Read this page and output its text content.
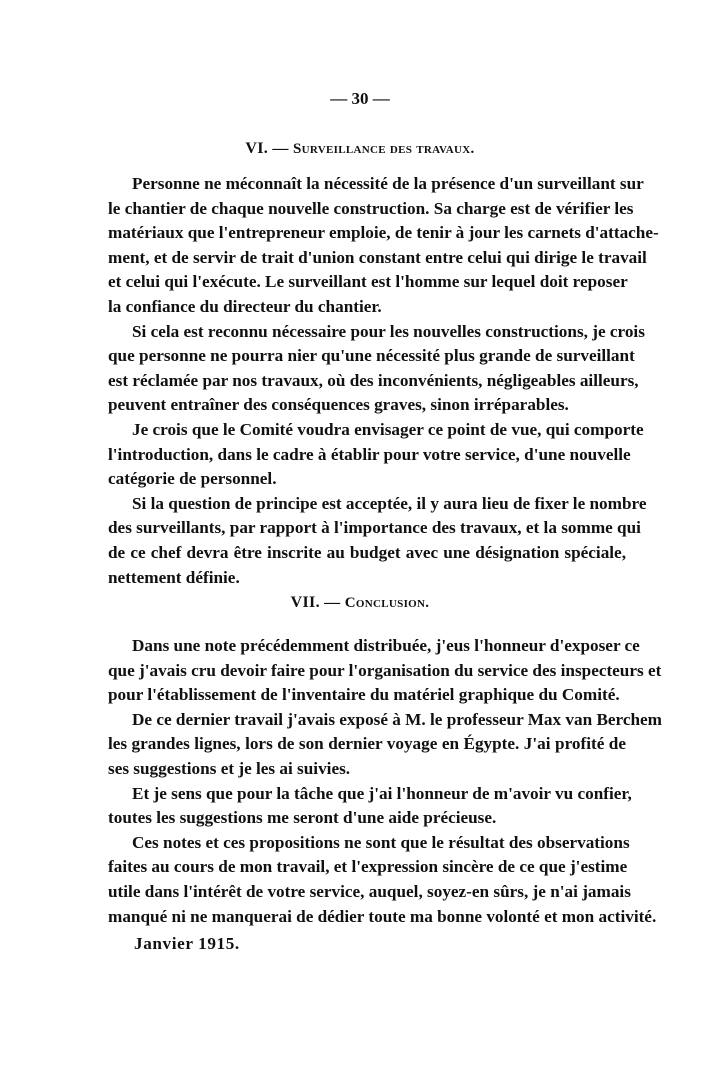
— 30 —
VI. — Surveillance des travaux.
Personne ne méconnaît la nécessité de la présence d'un surveillant sur
le chantier de chaque nouvelle construction. Sa charge est de vérifier les
matériaux que l'entrepreneur emploie, de tenir à jour les carnets d'attache-
ment, et de servir de trait d'union constant entre celui qui dirige le travail
et celui qui l'exécute. Le surveillant est l'homme sur lequel doit reposer
la confiance du directeur du chantier.
Si cela est reconnu nécessaire pour les nouvelles constructions, je crois
que personne ne pourra nier qu'une nécessité plus grande de surveillant
est réclamée par nos travaux, où des inconvénients, négligeables ailleurs,
peuvent entraîner des conséquences graves, sinon irréparables.
Je crois que le Comité voudra envisager ce point de vue, qui comporte
l'introduction, dans le cadre à établir pour votre service, d'une nouvelle
catégorie de personnel.
Si la question de principe est acceptée, il y aura lieu de fixer le nombre
des surveillants, par rapport à l'importance des travaux, et la somme qui
de ce chef devra être inscrite au budget avec une désignation spéciale,
nettement définie.
VII. — Conclusion.
Dans une note précédemment distribuée, j'eus l'honneur d'exposer ce
que j'avais cru devoir faire pour l'organisation du service des inspecteurs et
pour l'établissement de l'inventaire du matériel graphique du Comité.
De ce dernier travail j'avais exposé à M. le professeur Max van Berchem
les grandes lignes, lors de son dernier voyage en Égypte. J'ai profité de
ses suggestions et je les ai suivies.
Et je sens que pour la tâche que j'ai l'honneur de m'avoir vu confier,
toutes les suggestions me seront d'une aide précieuse.
Ces notes et ces propositions ne sont que le résultat des observations
faites au cours de mon travail, et l'expression sincère de ce que j'estime
utile dans l'intérêt de votre service, auquel, soyez-en sûrs, je n'ai jamais
manqué ni ne manquerai de dédier toute ma bonne volonté et mon activité.
Janvier 1915.
